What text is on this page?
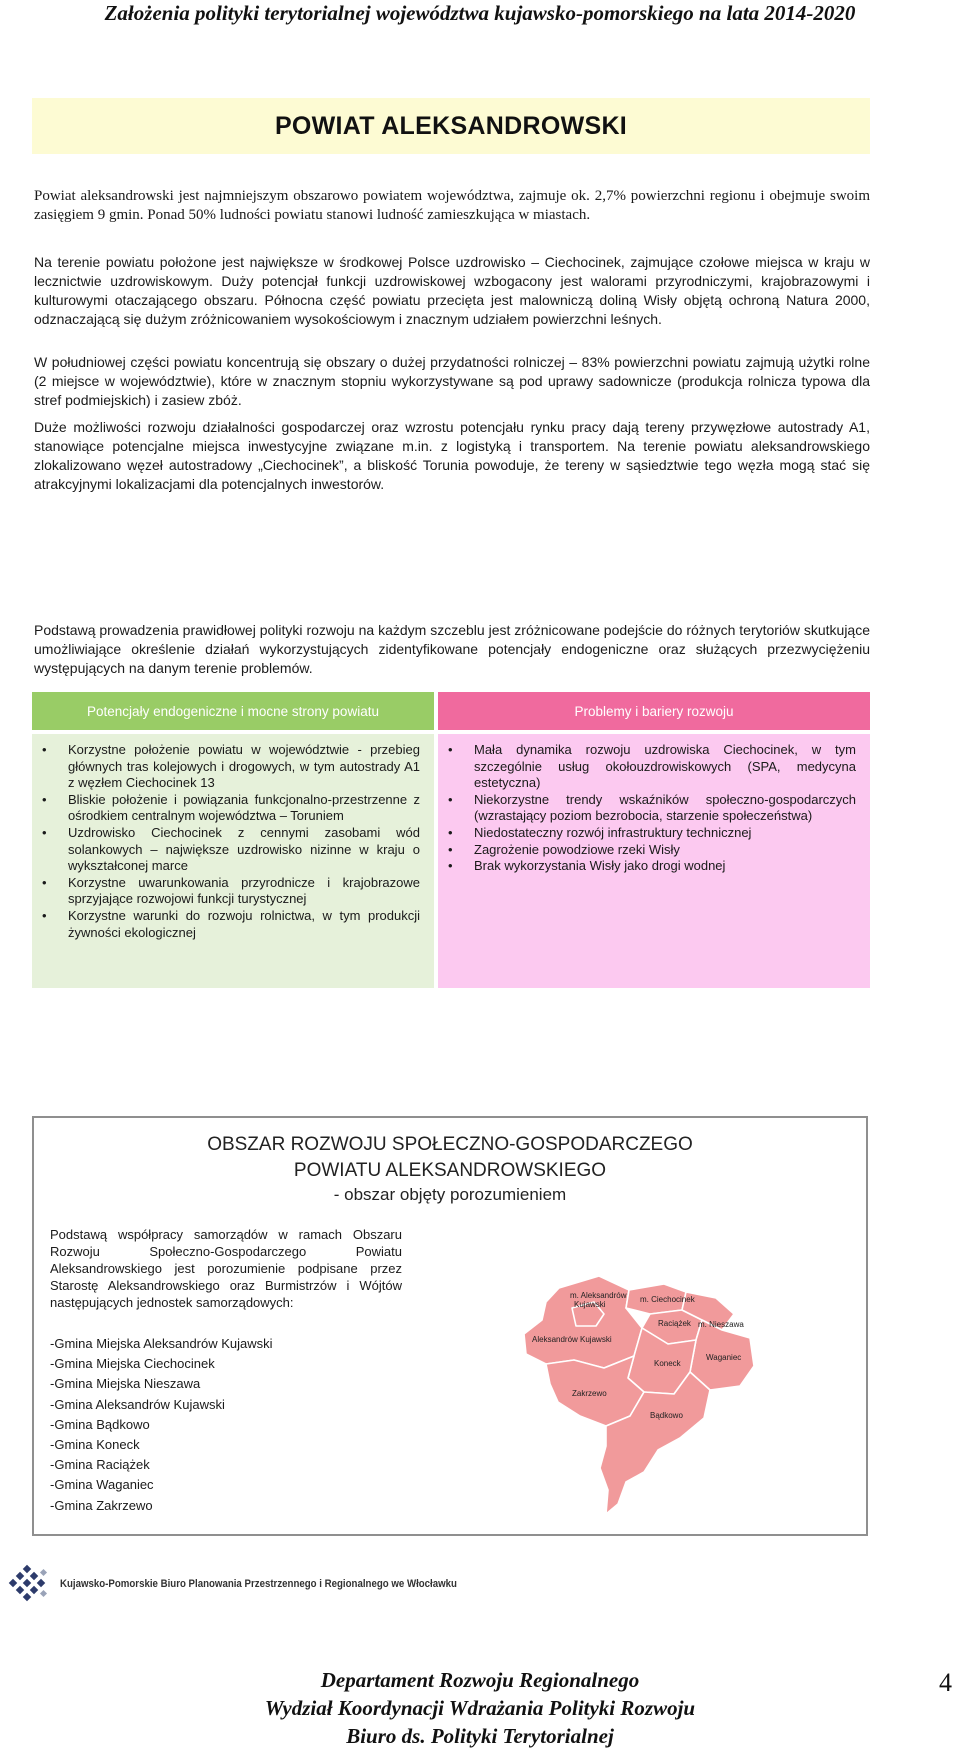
Założenia polityki terytorialnej województwa kujawsko-pomorskiego na lata 2014-2020
POWIAT ALEKSANDROWSKI

Powiat aleksandrowski jest najmniejszym obszarowo powiatem województwa, zajmuje ok. 2,7% powierzchni regionu i obejmuje swoim zasięgiem 9 gmin. Ponad 50% ludności powiatu stanowi ludność zamieszkująca w miastach.

Na terenie powiatu położone jest największe w środkowej Polsce uzdrowisko – Ciechocinek, zajmujące czołowe miejsca w kraju w lecznictwie uzdrowiskowym. Duży potencjał funkcji uzdrowiskowej wzbogacony jest walorami przyrodniczymi, krajobrazowymi i kulturowymi otaczającego obszaru. Północna część powiatu przecięta jest malowniczą doliną Wisły objętą ochroną Natura 2000, odznaczającą się dużym zróżnicowaniem wysokościowym i znacznym udziałem powierzchni leśnych.

W południowej części powiatu koncentrują się obszary o dużej przydatności rolniczej – 83% powierzchni powiatu zajmują użytki rolne (2 miejsce w województwie), które w znacznym stopniu wykorzystywane są pod uprawy sadownicze (produkcja rolnicza typowa dla stref podmiejskich) i zasiew zbóż.

Duże możliwości rozwoju działalności gospodarczej oraz wzrostu potencjału rynku pracy dają tereny przywęzłowe autostrady A1, stanowiące potencjalne miejsca inwestycyjne związane m.in. z logistyką i transportem. Na terenie powiatu aleksandrowskiego zlokalizowano węzeł autostradowy „Ciechocinek”, a bliskość Torunia powoduje, że tereny w sąsiedztwie tego węzła mogą stać się atrakcyjnymi lokalizacjami dla potencjalnych inwestorów.

Podstawą prowadzenia prawidłowej polityki rozwoju na każdym szczeblu jest zróżnicowane podejście do różnych terytoriów skutkujące umożliwiające określenie działań wykorzystujących zidentyfikowane potencjały endogeniczne oraz służących przezwyciężeniu występujących na danym terenie problemów.

Potencjały endogeniczne i mocne strony powiatu	Problemy i bariery rozwoju
• Korzystne położenie powiatu w województwie - przebieg głównych tras kolejowych i drogowych, w tym autostrady A1 z węzłem Ciechocinek 13
• Bliskie położenie i powiązania funkcjonalno-przestrzenne z ośrodkiem centralnym województwa – Toruniem
• Uzdrowisko Ciechocinek z cennymi zasobami wód solankowych – największe uzdrowisko nizinne w kraju o wykształconej marce
• Korzystne uwarunkowania przyrodnicze i krajobrazowe sprzyjające rozwojowi funkcji turystycznej
• Korzystne warunki do rozwoju rolnictwa, w tym produkcji żywności ekologicznej
• Mała dynamika rozwoju uzdrowiska Ciechocinek, w tym szczególnie usług okołouzdrowiskowych (SPA, medycyna estetyczna)
• Niekorzystne trendy wskaźników społeczno-gospodarczych (wzrastający poziom bezrobocia, starzenie społeczeństwa)
• Niedostateczny rozwój infrastruktury technicznej
• Zagrożenie powodziowe rzeki Wisły
• Brak wykorzystania Wisły jako drogi wodnej
OBSZAR ROZWOJU SPOŁECZNO-GOSPODARCZEGO
POWIATU ALEKSANDROWSKIEGO
- obszar objęty porozumieniem

Podstawą współpracy samorządów w ramach Obszaru Rozwoju Społeczno-Gospodarczego Powiatu Aleksandrowskiego jest porozumienie podpisane przez Starostę Aleksandrowskiego oraz Burmistrzów i Wójtów następujących jednostek samorządowych:

-Gmina Miejska Aleksandrów Kujawski
-Gmina Miejska Ciechocinek
-Gmina Miejska Nieszawa
-Gmina Aleksandrów Kujawski
-Gmina Bądkowo
-Gmina Koneck
-Gmina Raciążek
-Gmina Waganiec
-Gmina Zakrzewo
m. Aleksandrów
Kujawski
m. Ciechocinek
Raciążek m. Nieszawa
Aleksandrów Kujawski
Waganiec
Koneck
Zakrzewo
Bądkowo
Kujawsko-Pomorskie Biuro Planowania Przestrzennego i Regionalnego we Włocławku
Departament Rozwoju Regionalnego
Wydział Koordynacji Wdrażania Polityki Rozwoju
Biuro ds. Polityki Terytorialnej
4
